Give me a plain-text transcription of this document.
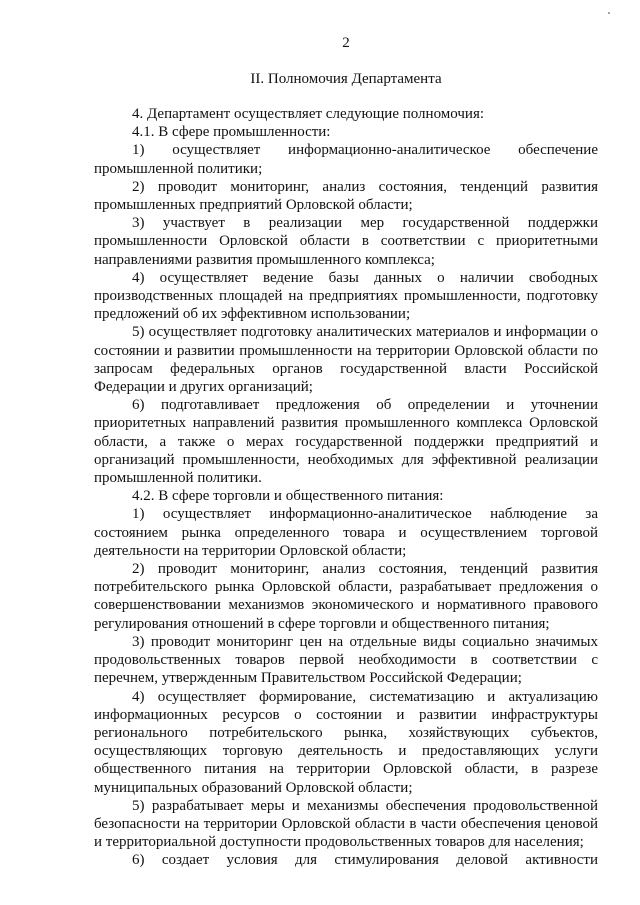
2
II. Полномочия Департамента

4. Департамент осуществляет следующие полномочия:

4.1. В сфере промышленности:

1) осуществляет информационно-аналитическое обеспечение промышленной политики;

2) проводит мониторинг, анализ состояния, тенденций развития промышленных предприятий Орловской области;

3) участвует в реализации мер государственной поддержки промышленности Орловской области в соответствии с приоритетными направлениями развития промышленного комплекса;

4) осуществляет ведение базы данных о наличии свободных производственных площадей на предприятиях промышленности, подготовку предложений об их эффективном использовании;

5) осуществляет подготовку аналитических материалов и информации о состоянии и развитии промышленности на территории Орловской области по запросам федеральных органов государственной власти Российской Федерации и других организаций;

6) подготавливает предложения об определении и уточнении приоритетных направлений развития промышленного комплекса Орловской области, а также о мерах государственной поддержки предприятий и организаций промышленности, необходимых для эффективной реализации промышленной политики.

4.2. В сфере торговли и общественного питания:

1) осуществляет информационно-аналитическое наблюдение за состоянием рынка определенного товара и осуществлением торговой деятельности на территории Орловской области;

2) проводит мониторинг, анализ состояния, тенденций развития потребительского рынка Орловской области, разрабатывает предложения о совершенствовании механизмов экономического и нормативного правового регулирования отношений в сфере торговли и общественного питания;

3) проводит мониторинг цен на отдельные виды социально значимых продовольственных товаров первой необходимости в соответствии с перечнем, утвержденным Правительством Российской Федерации;

4) осуществляет формирование, систематизацию и актуализацию информационных ресурсов о состоянии и развитии инфраструктуры регионального потребительского рынка, хозяйствующих субъектов, осуществляющих торговую деятельность и предоставляющих услуги общественного питания на территории Орловской области, в разрезе муниципальных образований Орловской области;

5) разрабатывает меры и механизмы обеспечения продовольственной безопасности на территории Орловской области в части обеспечения ценовой и территориальной доступности продовольственных товаров для населения;

6) создает условия для стимулирования деловой активности
